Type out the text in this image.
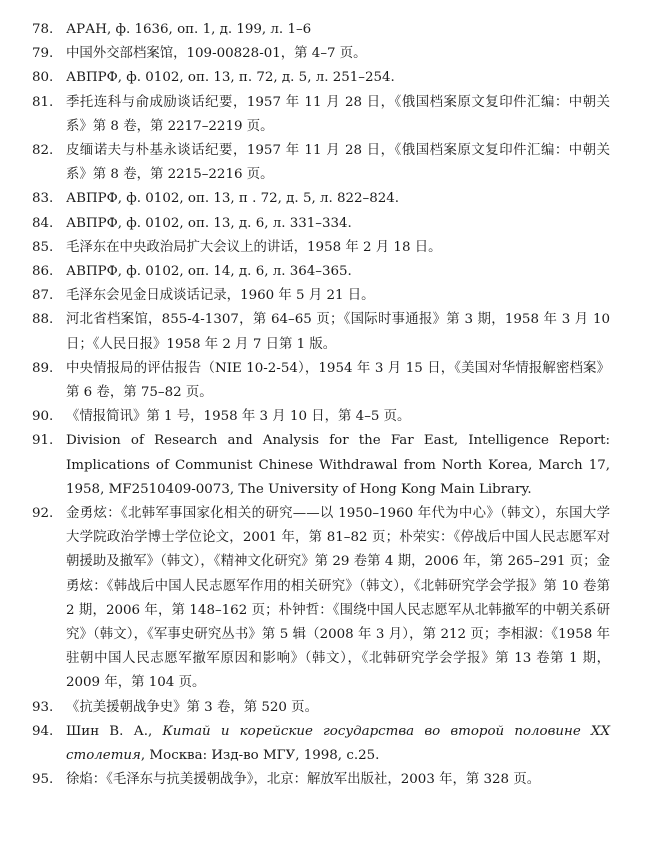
78. АРАН, ф. 1636, оп. 1, д. 199, л. 1–6
79. 中国外交部档案馆，109-00828-01，第 4–7 页。
80. АВПРФ, ф. 0102, оп. 13, п. 72, д. 5, л. 251–254.
81. 季托连科与俞成励谈话纪要，1957 年 11 月 28 日，《俄国档案原文复印件汇编：中朝关系》第 8 卷，第 2217–2219 页。
82. 皮缅诺夫与朴基永谈话纪要，1957 年 11 月 28 日，《俄国档案原文复印件汇编：中朝关系》第 8 卷，第 2215–2216 页。
83. АВПРФ, ф. 0102, оп. 13, п . 72, д. 5, л. 822–824.
84. АВПРФ, ф. 0102, оп. 13, д. 6, л. 331–334.
85. 毛泽东在中央政治局扩大会议上的讲话，1958 年 2 月 18 日。
86. АВПРФ, ф. 0102, оп. 14, д. 6, л. 364–365.
87. 毛泽东会见金日成谈话记录，1960 年 5 月 21 日。
88. 河北省档案馆，855-4-1307，第 64–65 页；《国际时事通报》第 3 期，1958 年 3 月 10 日；《人民日报》1958 年 2 月 7 日第 1 版。
89. 中央情报局的评估报告（NIE 10-2-54），1954 年 3 月 15 日，《美国对华情报解密档案》第 6 卷，第 75–82 页。
90. 《情报简讯》第 1 号，1958 年 3 月 10 日，第 4–5 页。
91. Division of Research and Analysis for the Far East, Intelligence Report: Implications of Communist Chinese Withdrawal from North Korea, March 17, 1958, MF2510409-0073, The University of Hong Kong Main Library.
92. 金勇炫：《北韩军事国家化相关的研究——以 1950–1960 年代为中心》（韩文），东国大学大学院政治学博士学位论文，2001 年，第 81–82 页；朴荣实：《停战后中国人民志愿军对朝援助及撤军》（韩文），《精神文化研究》第 29 卷第 4 期，2006 年，第 265–291 页；金勇炫：《韩战后中国人民志愿军作用的相关研究》（韩文），《北韩研究学会学报》第 10 卷第 2 期，2006 年，第 148–162 页；朴钟哲：《围绕中国人民志愿军从北韩撤军的中朝关系研究》（韩文），《军事史研究丛书》第 5 辑（2008 年 3 月），第 212 页；李相淑：《1958 年驻朝中国人民志愿军撤军原因和影响》（韩文），《北韩研究学会学报》第 13 卷第 1 期，2009 年，第 104 页。
93. 《抗美援朝战争史》第 3 卷，第 520 页。
94. Шин В. А., Китай и корейские государства во второй половине XX столетия, Москва: Изд-во МГУ, 1998, с.25.
95. 徐焰：《毛泽东与抗美援朝战争》，北京：解放军出版社，2003 年，第 328 页。
